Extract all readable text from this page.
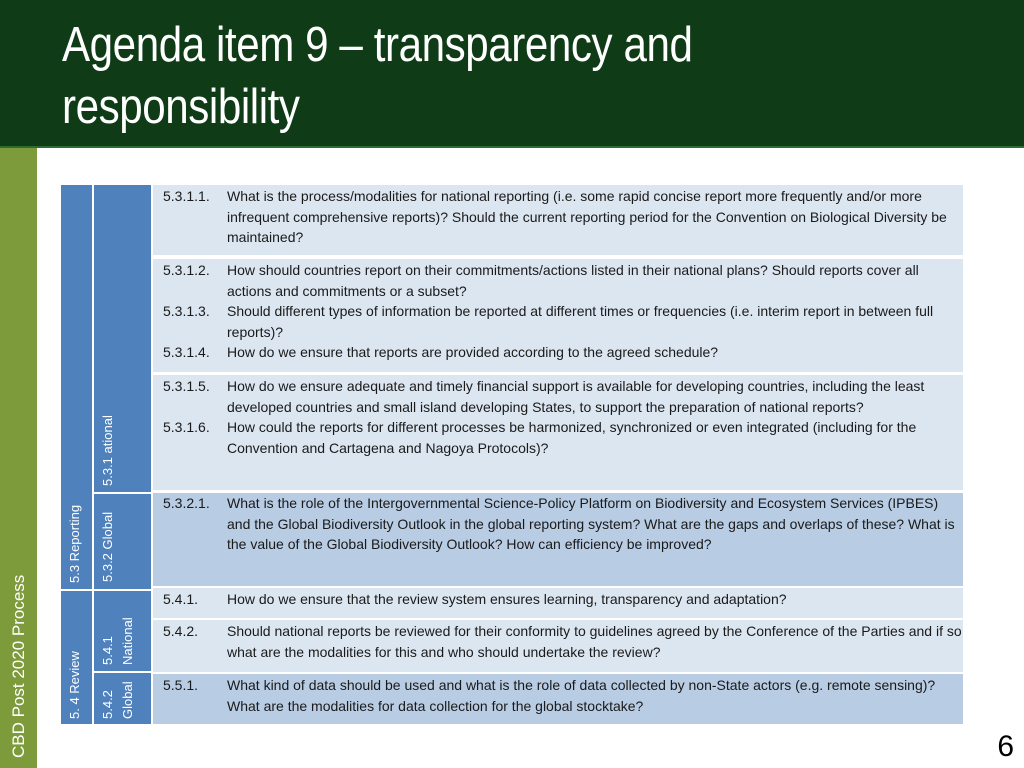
Agenda item 9 – transparency and
responsibility
CBD Post 2020 Process
5.3 Reporting
5. 4 Review
5.3.1 ational
5.3.2 Global
5.4.1 National
5.4.2 Global
5.3.1.1. What is the process/modalities for national reporting (i.e. some rapid concise report more frequently and/or more infrequent comprehensive reports)? Should the current reporting period for the Convention on Biological Diversity be maintained?
5.3.1.2. How should countries report on their commitments/actions listed in their national plans? Should reports cover all actions and commitments or a subset?
5.3.1.3. Should different types of information be reported at different times or frequencies (i.e. interim report in between full reports)?
5.3.1.4. How do we ensure that reports are provided according to the agreed schedule?
5.3.1.5. How do we ensure adequate and timely financial support is available for developing countries, including the least developed countries and small island developing States, to support the preparation of national reports?
5.3.1.6. How could the reports for different processes be harmonized, synchronized or even integrated (including for the Convention and Cartagena and Nagoya Protocols)?
5.3.2.1. What is the role of the Intergovernmental Science-Policy Platform on Biodiversity and Ecosystem Services (IPBES) and the Global Biodiversity Outlook in the global reporting system? What are the gaps and overlaps of these? What is the value of the Global Biodiversity Outlook? How can efficiency be improved?
5.4.1. How do we ensure that the review system ensures learning, transparency and adaptation?
5.4.2. Should national reports be reviewed for their conformity to guidelines agreed by the Conference of the Parties and if so what are the modalities for this and who should undertake the review?
5.5.1. What kind of data should be used and what is the role of data collected by non-State actors (e.g. remote sensing)? What are the modalities for data collection for the global stocktake?
6
